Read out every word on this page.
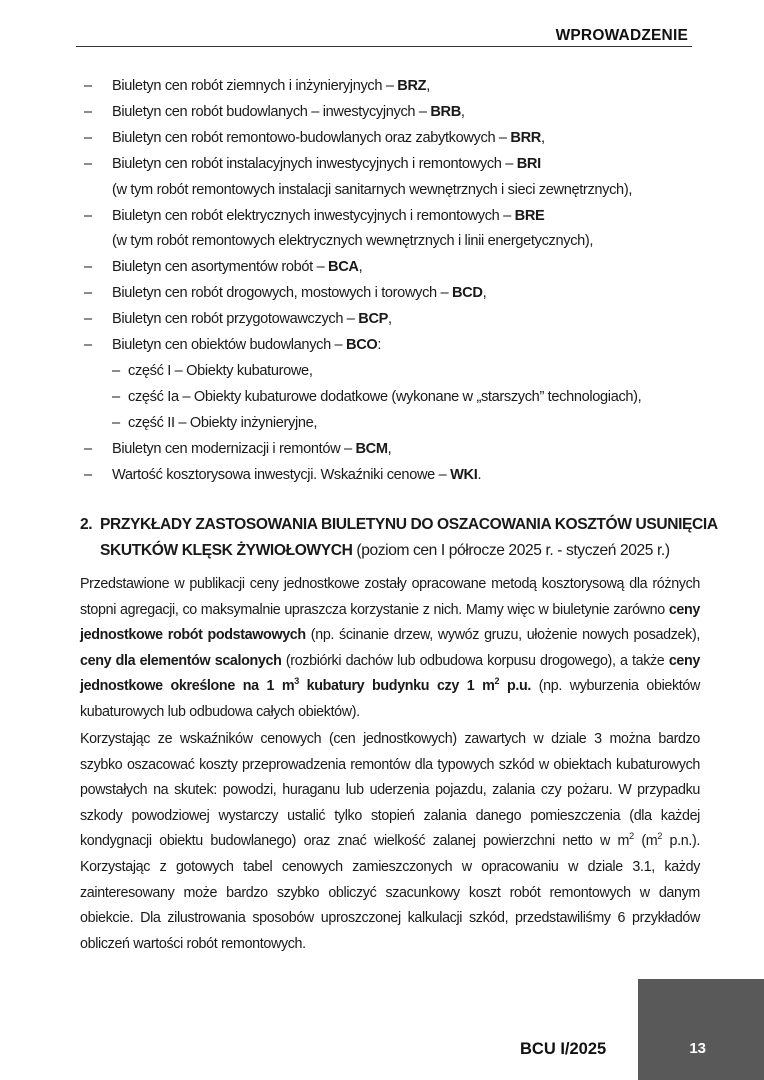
WPROWADZENIE
– Biuletyn cen robót ziemnych i inżynieryjnych – BRZ,
– Biuletyn cen robót budowlanych – inwestycyjnych – BRB,
– Biuletyn cen robót remontowo-budowlanych oraz zabytkowych – BRR,
– Biuletyn cen robót instalacyjnych inwestycyjnych i remontowych – BRI
(w tym robót remontowych instalacji sanitarnych wewnętrznych i sieci zewnętrznych),
– Biuletyn cen robót elektrycznych inwestycyjnych i remontowych – BRE
(w tym robót remontowych elektrycznych wewnętrznych i linii energetycznych),
– Biuletyn cen asortymentów robót – BCA,
– Biuletyn cen robót drogowych, mostowych i torowych – BCD,
– Biuletyn cen robót przygotowawczych – BCP,
– Biuletyn cen obiektów budowlanych – BCO:
– część I – Obiekty kubaturowe,
– część Ia – Obiekty kubaturowe dodatkowe (wykonane w „starszych” technologiach),
– część II – Obiekty inżynieryjne,
– Biuletyn cen modernizacji i remontów – BCM,
– Wartość kosztorysowa inwestycji. Wskaźniki cenowe – WKI.
2. PRZYKŁADY ZASTOSOWANIA BIULETYNU DO OSZACOWANIA KOSZTÓW USUNIĘCIA
SKUTKÓW KLĘSK ŻYWIOŁOWYCH (poziom cen I półrocze 2025 r. - styczeń 2025 r.)
Przedstawione w publikacji ceny jednostkowe zostały opracowane metodą kosztorysową dla różnych stopni agregacji, co maksymalnie upraszcza korzystanie z nich. Mamy więc w biuletynie zarówno ceny jednostkowe robót podstawowych (np. ścinanie drzew, wywóz gruzu, ułożenie nowych posadzek), ceny dla elementów scalonych (rozbiórki dachów lub odbudowa korpusu drogowego), a także ceny jednostkowe określone na 1 $m^3$ kubatury budynku czy 1 $m^2$ p.u. (np. wyburzenia obiektów kubaturowych lub odbudowa całych obiektów).
Korzystając ze wskaźników cenowych (cen jednostkowych) zawartych w dziale 3 można bardzo szybko oszacować koszty przeprowadzenia remontów dla typowych szkód w obiektach kubaturowych powstałych na skutek: powodzi, huraganu lub uderzenia pojazdu, zalania czy pożaru. W przypadku szkody powodziowej wystarczy ustalić tylko stopień zalania danego pomieszczenia (dla każdej kondygnacji obiektu budowlanego) oraz znać wielkość zalanej powierzchni netto w $m^2$ ($m^2$ p.n.). Korzystając z gotowych tabel cenowych zamieszczonych w opracowaniu w dziale 3.1, każdy zainteresowany może bardzo szybko obliczyć szacunkowy koszt robót remontowych w danym obiekcie. Dla zilustrowania sposobów uproszczonej kalkulacji szkód, przedstawiliśmy 6 przykładów obliczeń wartości robót remontowych.
BCU I/2025	13
